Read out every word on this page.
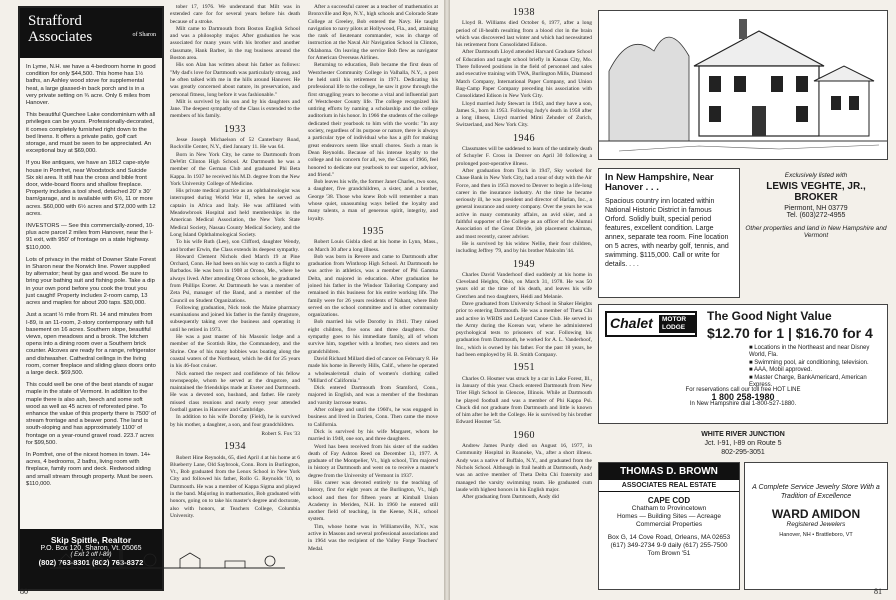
Strafford
Associates	of Sharon

In Lyme, N.H. we have a 4-bedroom home in good condition for only $44,500. This home has 1½ baths, an Ashley wood stove for supplemental heat, a large glassed-in back porch and is in a very private setting on ¾ acre. Only 6 miles from Hanover.

This beautiful Quechee Lake condominium with all privileges can be yours. Professionally-decorated, it comes completely furnished right down to the bed linens. It offers a private patio, golf cart storage, and must be seen to be appreciated. An exceptional buy at $69,000.

If you like antiques, we have an 1812 cape-style house in Pomfret, near Woodstock and Suicide Six ski area. It still has the cross and bible front door, wide-board floors and shallow fireplace. Property includes a tool shed, detached 20' x 30' barn/garage, and is available with 6½, 11 or more acres. $60,000 with 6½ acres and $72,000 with 12 acres.

INVESTORS — See this commercially-zoned, 10-plus acre parcel 2 miles from Hanover, near the I-91 exit, with 950' of frontage on a state highway. $110,000.

Lots of privacy in the midst of Downer State Forest in Sharon near the Norwich line. Power supplied by alternator; heat by gas and wood. Be sure to bring your bathing suit and fishing pole. Take a dip in your own pond before you cook the trout you just caught! Property includes 2-room camp, 13 acres and maples for about 200 taps. $30,000.

Just a scant ½ mile from Rt. 14 and minutes from I-89, is an 11-room, 2-story contemporary with full basement on 16 acres. Southern slope, beautiful views, open meadows and a brook. The kitchen opens into a dining room over a Southern brick counter. Alcoves are ready for a range, refrigerator and dishwasher. Cathedral ceilings in the living room, corner fireplace and sliding glass doors onto a large deck. $69,500.

This could well be one of the best stands of sugar maple in the state of Vermont. In addition to the maple there is also ash, beech and some soft wood as well as 45 acres of reforested pine. To enhance the value of this property there is 7500' of stream frontage and a beaver pond. The land is south-sloping and has approximately 1100' of frontage on a year-round gravel road. 223.7 acres for $99,500.

In Pomfret, one of the nicest homes in town. 14+ acres, 4 bedrooms, 2 baths, living room with fireplace, family room and deck. Redwood siding and small stream through property. Must be seen. $110,000.

Skip Spittle, Realtor
P.O. Box 120, Sharon, Vt. 05065
( Exit 2 off I-89)
(802) 763-8301 (802) 763-8372

tober 17, 1976. We understand that Milt was in extended care for for several years before his death because of a stroke.

Milt came to Dartmouth from Boston English School and was a philosophy major. After graduation he was associated for many years with his brother and another classmate, Hank Barber, in the rug business around the Boston area.

His son Alan has written about his father as follows: "My dad's love for Dartmouth was particularly strong, and he often talked with me in the hills around Hanover. He was greatly concerned about nature, its preservation, and personal fitness, long before it was fashionable."

Milt is survived by his son and by his daughters and Jane. The deepest sympathy of the Class is extended to the members of his family.

1933

Jesse Joseph Michaelson of 52 Canterbury Road, Rockville Center, N.Y., died January 11. He was 64.

Born in New York City, he came to Dartmouth from DeWitt Clinton High School. At Dartmouth he was a member of the German Club and graduated Phi Beta Kappa. In 1937 he received his M.D. degree from the New York University College of Medicine.

His private medical practice as an ophthalmologist was interrupted during World War II, when he served as captain in Africa and Italy. He was affiliated with Meadowbrook Hospital and held memberships in the American Medical Association, the New York State Medical Society, Nassau County Medical Society, and the Long Island Ophthalmological Society.

To his wife Ruth (Lee), son Clifford, daughter Wendy, and brother Erwin, the Class extends its deepest sympathy.

Howard Clement Nichols died March 19 at Pine Orchard, Conn. He had been on his way to catch a flight to Barbados. He was born in 1908 at Orono, Me., where he always lived. After attending Orono schools, he graduated from Phillips Exeter. At Dartmouth he was a member of Zeta Psi, manager of the Band, and a member of the Council on Student Organizations.

Following graduation, Nick took the Maine pharmacy examinations and joined his father in the family drugstore, subsequently taking over the business and operating it until he retired in 1973.

He was a past master of his Masonic lodge and a member of the Scottish Rite, the Commandery, and the Shrine. One of his many hobbies was boating along the coastal waters of the Northeast, which he did for 25 years in his 46-foot cruiser.

Nick earned the respect and confidence of his fellow townspeople, whom he served at the drugstore, and maintained the friendships made at Exeter and Dartmouth. He was a devoted son, husband, and father. He rarely missed class reunions and nearly every year attended football games in Hanover and Cambridge.

In addition to his wife Dorothy (Field), he is survived by his mother, a daughter, a son, and four grandchildren.

Robert S. Fox '33
1934

Robert Hine Reynolds, 65, died April 4 at his home at 6 Blueberry Lane, Old Saybrook, Conn. Born in Burlington, Vt., Bob graduated from the Lenox School in New York City and followed his father, Rollo G. Reynolds '10, to Dartmouth. He was a member of Kappa Sigma and played in the band. Majoring in mathematics, Bob graduated with honors, going on to take his master's degree and doctorate, also with honors, at Teachers College, Columbia University.

After a successful career as a teacher of mathematics at Bronxville and Rye, N.Y., high schools and Colorado State College at Greeley, Bob entered the Navy. He taught navigation to navy pilots at Hollywood, Fla., and, attaining the rank of lieutenant commander, was in charge of instruction at the Naval Air Navigation School in Clinton, Oklahoma. On leaving the service Bob flew as navigator for American Overseas Airlines.

Returning to education, Bob became the first dean of Westchester Community College in Valhalla, N.Y., a post he held until his retirement in 1971. Dedicating his professional life to the college, he saw it grow through the first struggling years to become a vital and influential part of Westchester County life. The college recognized his untiring efforts by naming a scholarship and the college auditorium in his honor. In 1966 the students of the college dedicated their yearbook to him with the words: "In any society, regardless of its purpose or nature, there is always a particular type of individual who has a gift for making great endeavors seem like small chores. Such a man is Dean Reynolds. Because of his intense loyalty to the college and his concern for all, we, the Class of 1966, feel honored to dedicate our yearbook to our superior, advisor, and friend."

Bob leaves his wife, the former Janet Charles, two sons, a daughter, five grandchildren, a sister, and a brother, George '38. Those who knew Bob will remember a man whose quiet, unassuming ways belied the loyalty and many talents, a man of generous spirit, integrity, and loyalty.

1935

Robert Louis Gisbla died at his home in Lynn, Mass., on March 30 after a long illness.

Bob was born in Revere and came to Dartmouth after graduation from Winthrop High School. At Dartmouth he was active in athletics, was a member of Phi Gamma Delta, and majored in education. After graduation he joined his father in the Windsor Tailoring Company and remained in this business for his entire working life. The family were for 26 years residents of Nahant, where Bob served on the school committee and in other community organizations.

Bob married his wife Dorothy in 1941. They raised eight children, five sons and three daughters. Our sympathy goes to his immediate family, all of whom survive him, together with a brother, two sisters and ten grandchildren.

David Richard Millard died of cancer on February 8. He made his home in Beverly Hills, Calif., where he operated a wholesale/retail chain of women's clothing called "Millard of California."

Dick entered Dartmouth from Stamford, Conn., majored in English, and was a member of the freshman and varsity lacrosse teams.

After college and until the 1960's, he was engaged in business and lived in Darien, Conn. Then came the move to California.

Dick is survived by his wife Margaret, whom he married in 1948, one son, and three daughters.

Word has been received from his sister of the sudden death of Fay Ashton Reed on December 13, 1977. A graduate of the Montpelier, Vt., high school, Tim majored in history at Dartmouth and went on to receive a master's degree from the University of Vermont in 1937.

His career was devoted entirely to the teaching of history, first for eight years at the Burlington, Vt., high school and then for fifteen years at Kimball Union Academy in Meriden, N.H. In 1960 he entered still another field of teaching, in the Keene, N.H., school system.

Tim, whose home was in Williamsville, N.Y., was active in Masons and several professional associations and in 1964 was the recipient of the Valley Forge Teachers' Medal.

80
1938

Lloyd R. Williams died October 6, 1977, after a long period of ill-health resulting from a blood clot in the brain which was discovered last winter and which had necessitated his retirement from Consolidated Edison.

After Dartmouth Lloyd attended Harvard Graduate School of Education and taught school briefly in Kansas City, Mo. There followed positions in the field of personnel and sales and executive training with TWA, Burlington Mills, Diamond Match Company, International Paper Company, and Union Bag-Camp Paper Company preceding his association with Consolidated Edison in New York City.

Lloyd married Judy Stewart in 1943, and they have a son, James S., born in 1953. Following Judy's death in 1958 after a long illness, Lloyd married Mimi Zehnder of Zurich, Switzerland, and New York City.

1946

Classmates will be saddened to learn of the untimely death of Schuyler F. Cross in Denver on April 30 following a prolonged post-operative illness.

After graduation from Tuck in 1947, Sky worked for Chase Bank in New York City, had a tour of duty with the Air Force, and then in 1953 moved to Denver to begin a life-long career in the insurance industry. At the time he became seriously ill, he was president and director of Harlan, Inc., a general insurance and surety company. Over the years he was active in many community affairs, an avid skier, and a faithful supporter of the College as an officer of the Alumni Association of the Great Divide, job placement chairman, and most recently, career adviser.

He is survived by his widow Nellie, their four children, including Jeffrey '79, and by his brother Malcolm '44.

1949

Charles David Vanderhoof died suddenly at his home in Cleveland Heights, Ohio, on March 31, 1978. He was 50 years old at the time of his death, and leaves his wife Gretchen and two daughters, Heidi and Melanie.

Dave graduated from University School in Shaker Heights prior to entering Dartmouth. He was a member of Theta Chi and active in WBDS and Ledyard Canoe Club. He served in the Army during the Korean war, where he administered psychological tests to prisoners of war. Following his graduation from Dartmouth, he worked for A. L. Vanderhoof, Inc., which is owned by his father. For the past 18 years, he had been employed by H. B. Smith Company.

1951

Charles O. Hosmer was struck by a car in Lake Forest, Ill., in January of this year. Chuck entered Dartmouth from New Trier High School in Glencoe, Illinois. While at Dartmouth he played football and was a member of Phi Kappa Psi. Chuck did not graduate from Dartmouth and little is known of him after he left the College. He is survived by his brother Edward Hosmer '54.

1960

Andrew James Purdy died on August 16, 1977, in Community Hospital in Roanoke, Va., after a short illness. Andy was a native of Buffalo, N.Y., and graduated from the Nichols School. Although in frail health at Dartmouth, Andy was an active member of Theta Delta Chi fraternity and managed the varsity swimming team. He graduated cum laude with highest honors in his English major.

After graduating from Dartmouth, Andy did

In New Hampshire, Near Hanover . . .
Spacious country inn located within National Historic District in famous Orford. Solidly built, special period features, excellent condition. Large annex, separate tea room. Fine location on 5 acres, with nearby golf, tennis, and swimming. $115,000. Call or write for details. . . .
Exclusively listed with
LEWIS VEGHTE, JR.,
BROKER
Piermont, NH 03779
Tel. (603)272-4955
Other properties and land in New Hampshire and Vermont
Chalet	MOTOR LODGE
The Good Night Value
$12.70 for 1 | $16.70 for 4
■ Locations in the Northeast and near Disney World, Fla.
■ Swimming pool, air conditioning, television.
■ AAA, Mobil approved.
■ Master Charge, BankAmericard, American Express.
For reservations call our toll free HOT LINE
1 800 258-1980
In New Hampshire dial 1-800-527-1880.
WHITE RIVER JUNCTION
Jct. I-91, I-89 on Route 5
802-295-3051
THOMAS D. BROWN
ASSOCIATES REAL ESTATE
CAPE COD
Chatham to Provincetown
Homes — Building Sites — Acreage
Commercial Properties
Box G, 14 Cove Road, Orleans, MA 02653
(617) 349-2734 9-9 daily (617) 255-7500
Tom Brown '51
A Complete Service Jewelry Store With a Tradition of Excellence
WARD AMIDON
Registered Jewelers
Hanover, NH • Brattleboro, VT
81
